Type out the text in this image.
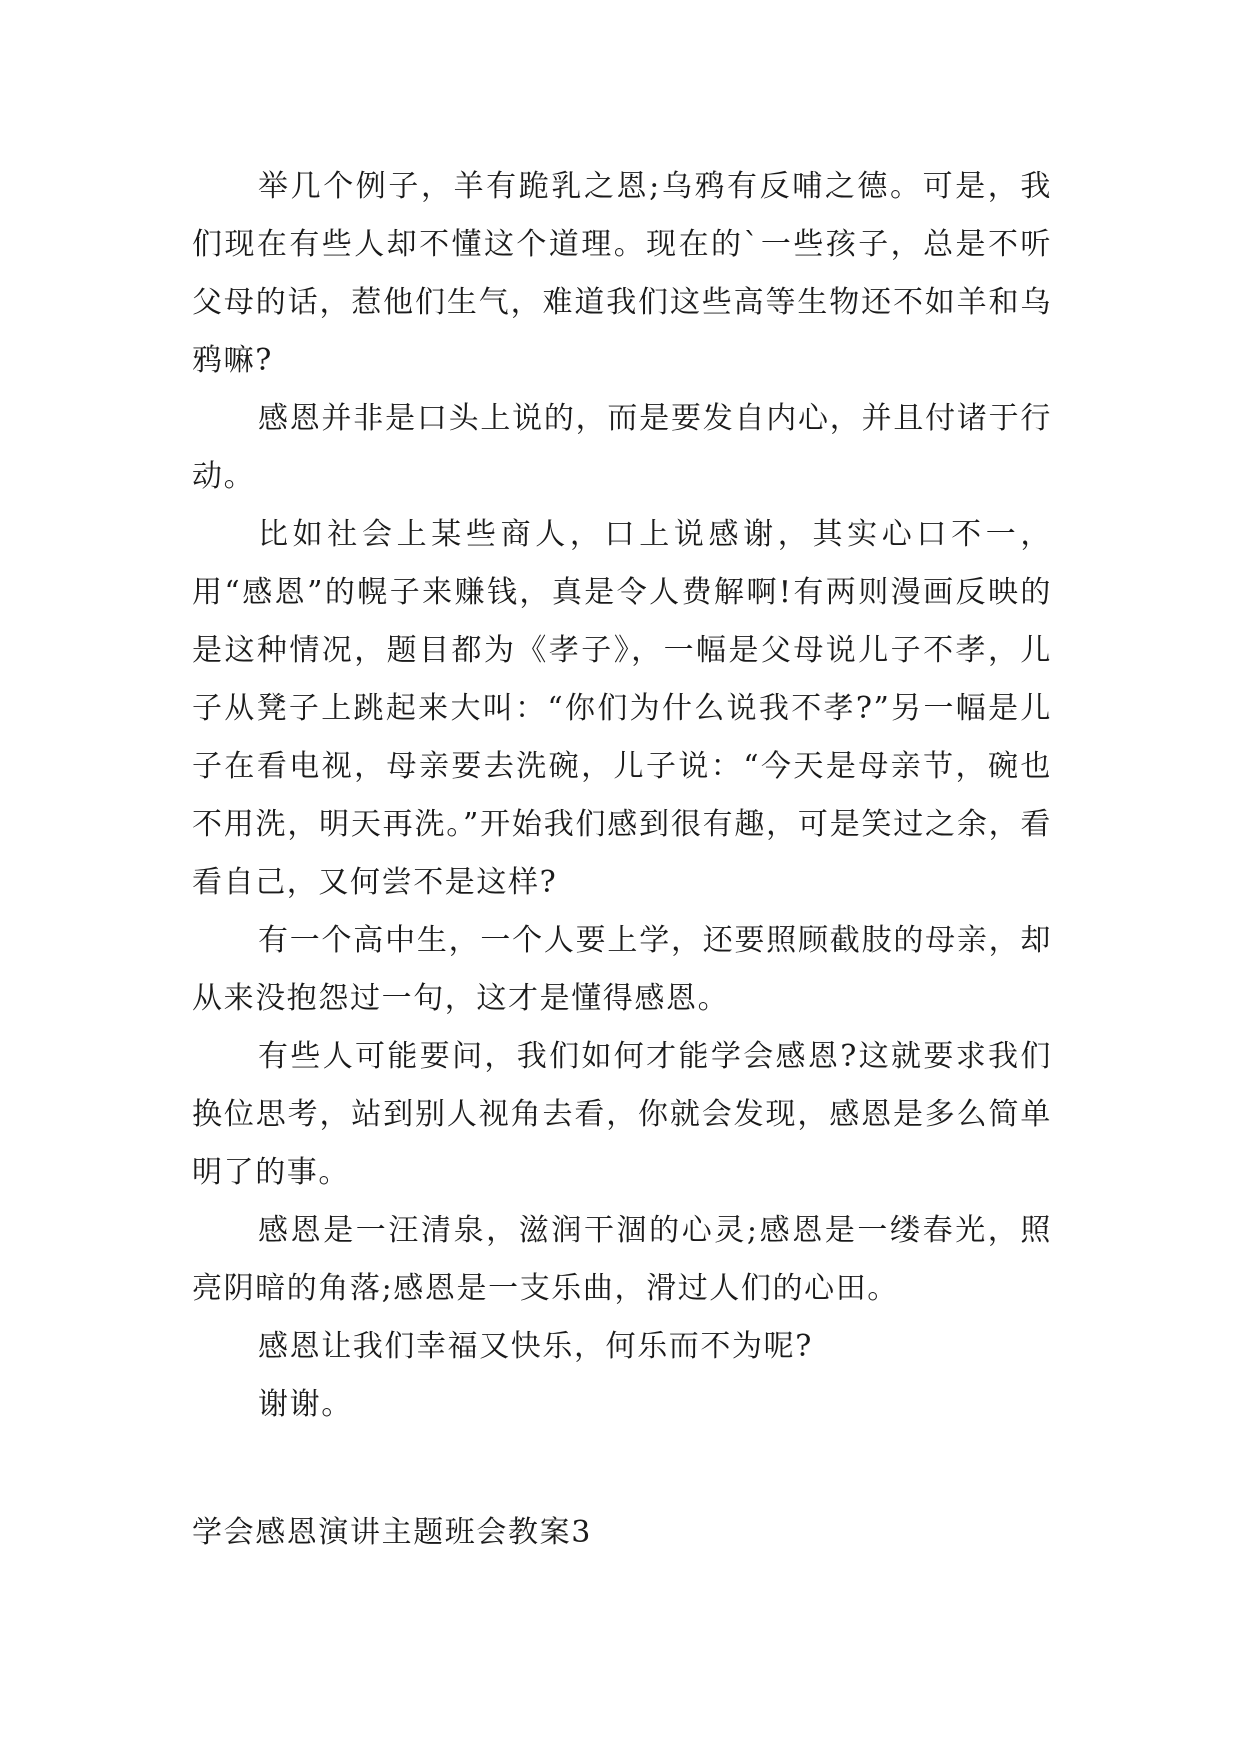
举几个例子，羊有跪乳之恩;乌鸦有反哺之德。可是，我们现在有些人却不懂这个道理。现在的`一些孩子，总是不听父母的话，惹他们生气，难道我们这些高等生物还不如羊和乌鸦嘛?

感恩并非是口头上说的，而是要发自内心，并且付诸于行动。

比如社会上某些商人，口上说感谢，其实心口不一，用“感恩”的幌子来赚钱，真是令人费解啊!有两则漫画反映的是这种情况，题目都为《孝子》，一幅是父母说儿子不孝，儿子从凳子上跳起来大叫：“你们为什么说我不孝?”另一幅是儿子在看电视，母亲要去洗碗，儿子说：“今天是母亲节，碗也不用洗，明天再洗。”开始我们感到很有趣，可是笑过之余，看看自己，又何尝不是这样?

有一个高中生，一个人要上学，还要照顾截肢的母亲，却从来没抱怨过一句，这才是懂得感恩。

有些人可能要问，我们如何才能学会感恩?这就要求我们换位思考，站到别人视角去看，你就会发现，感恩是多么简单明了的事。

感恩是一汪清泉，滋润干涸的心灵;感恩是一缕春光，照亮阴暗的角落;感恩是一支乐曲，滑过人们的心田。

感恩让我们幸福又快乐，何乐而不为呢?

谢谢。

学会感恩演讲主题班会教案3
